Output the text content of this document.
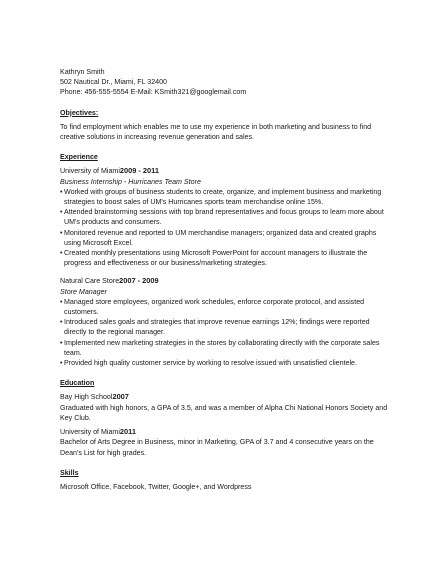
Kathryn Smith
502 Nautical Dr., Miami, FL 32400
Phone: 456-555-5554 E-Mail: KSmith321@googlemail.com
Objectives:
To find employment which enables me to use my experience in both marketing and business to find creative solutions in increasing revenue generation and sales.
Experience
University of Miami2009 - 2011
Business Internship - Hurricanes Team Store
• Worked with groups of business students to create, organize, and implement business and marketing strategies to boost sales of UM's Hurricanes sports team merchandise online 15%.
• Attended brainstorming sessions with top brand representatives and focus groups to learn more about UM's products and consumers.
• Monitored revenue and reported to UM merchandise managers; organized data and created graphs using Microsoft Excel.
• Created monthly presentations using Microsoft PowerPoint for account managers to illustrate the progress and effectiveness or our business/marketing strategies.
Natural Care Store2007 - 2009
Store Manager
• Managed store employees, organized work schedules, enforce corporate protocol, and assisted customers.
• Introduced sales goals and strategies that improve revenue earnings 12%; findings were reported directly to the regional manager.
• Implemented new marketing strategies in the stores by collaborating directly with the corporate sales team.
• Provided high quality customer service by working to resolve issued with unsatisfied clientele.
Education
Bay High School2007
Graduated with high honors, a GPA of 3.5, and was a member of Alpha Chi National Honors Society and Key Club.
University of Miami2011
Bachelor of Arts Degree in Business, minor in Marketing, GPA of 3.7 and 4 consecutive years on the Dean's List for high grades.
Skills
Microsoft Office, Facebook, Twitter, Google+, and Wordpress
